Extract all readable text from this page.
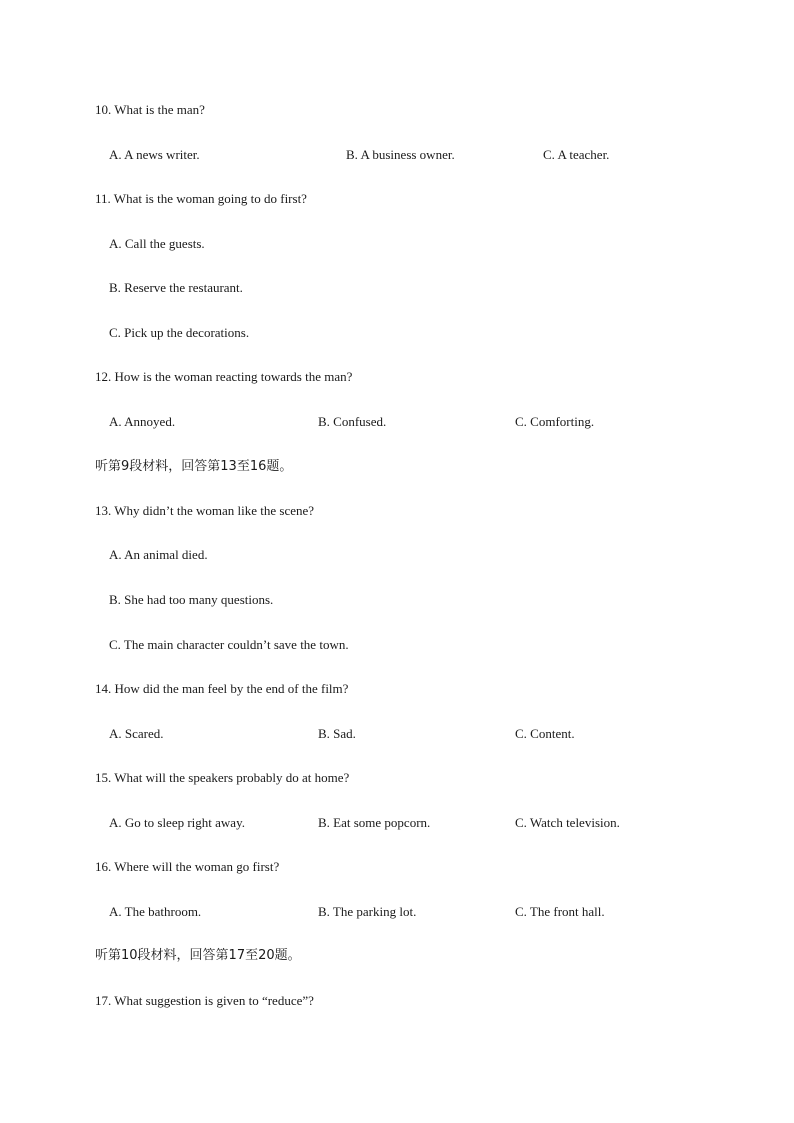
10. What is the man?
A. A news writer.	B. A business owner.	C. A teacher.
11. What is the woman going to do first?
A. Call the guests.
B. Reserve the restaurant.
C. Pick up the decorations.
12. How is the woman reacting towards the man?
A. Annoyed.	B. Confused.	C. Comforting.
听第9段材料，回答第13至16题。
13. Why didn’t the woman like the scene?
A. An animal died.
B. She had too many questions.
C. The main character couldn’t save the town.
14. How did the man feel by the end of the film?
A. Scared.	B. Sad.	C. Content.
15. What will the speakers probably do at home?
A. Go to sleep right away.	B. Eat some popcorn.	C. Watch television.
16. Where will the woman go first?
A. The bathroom.	B. The parking lot.	C. The front hall.
听第10段材料，回答第17至20题。
17. What suggestion is given to “reduce”?
